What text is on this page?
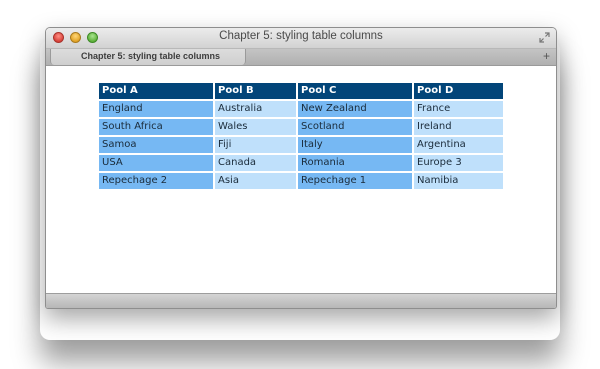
Chapter 5: styling table columns
Chapter 5: styling table columns	+
Pool A	Pool B	Pool C	Pool D
England	Australia	New Zealand	France
South Africa	Wales	Scotland	Ireland
Samoa	Fiji	Italy	Argentina
USA	Canada	Romania	Europe 3
Repechage 2	Asia	Repechage 1	Namibia
